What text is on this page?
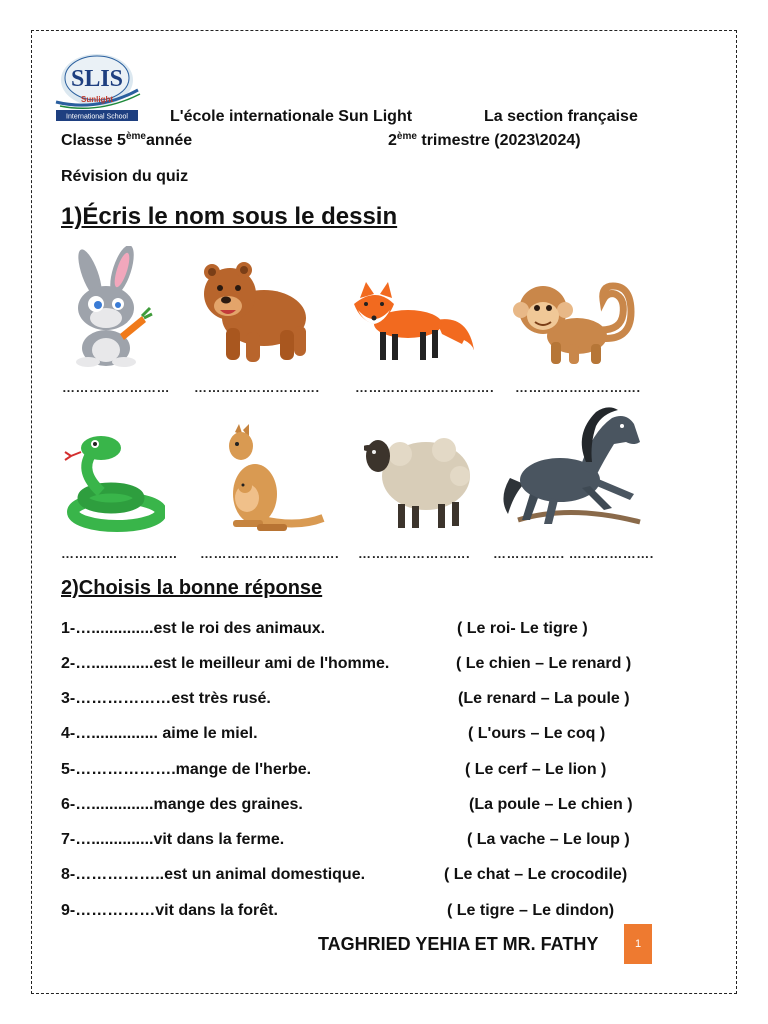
SLIS
Sunlight
International School	L'école internationale Sun Light	La section française
Classe 5èmeannée	2ème trimestre (2023\2024)
Révision du quiz
1)Écris le nom sous le dessin
…………………… ……………………….	…………………………. ……………………….
…………………….. …………………………. ……………………. ……………. ……………….
2)Choisis la bonne réponse
1-…..............est le roi des animaux.	( Le roi- Le tigre )
2-…..............est le meilleur ami de l'homme.	( Le chien – Le renard )
3-………………est très rusé.	(Le renard – La poule )
4-…............... aime le miel.	( L'ours – Le coq )
5-……………….mange de l'herbe.	( Le cerf – Le lion )
6-…..............mange des graines.	(La poule – Le chien )
7-…..............vit dans la ferme.	( La vache – Le loup )
8-……………..est un animal domestique.	( Le chat – Le crocodile)
9-……………vit dans la forêt.	( Le tigre – Le dindon)
TAGHRIED YEHIA ET MR. FATHY	1
